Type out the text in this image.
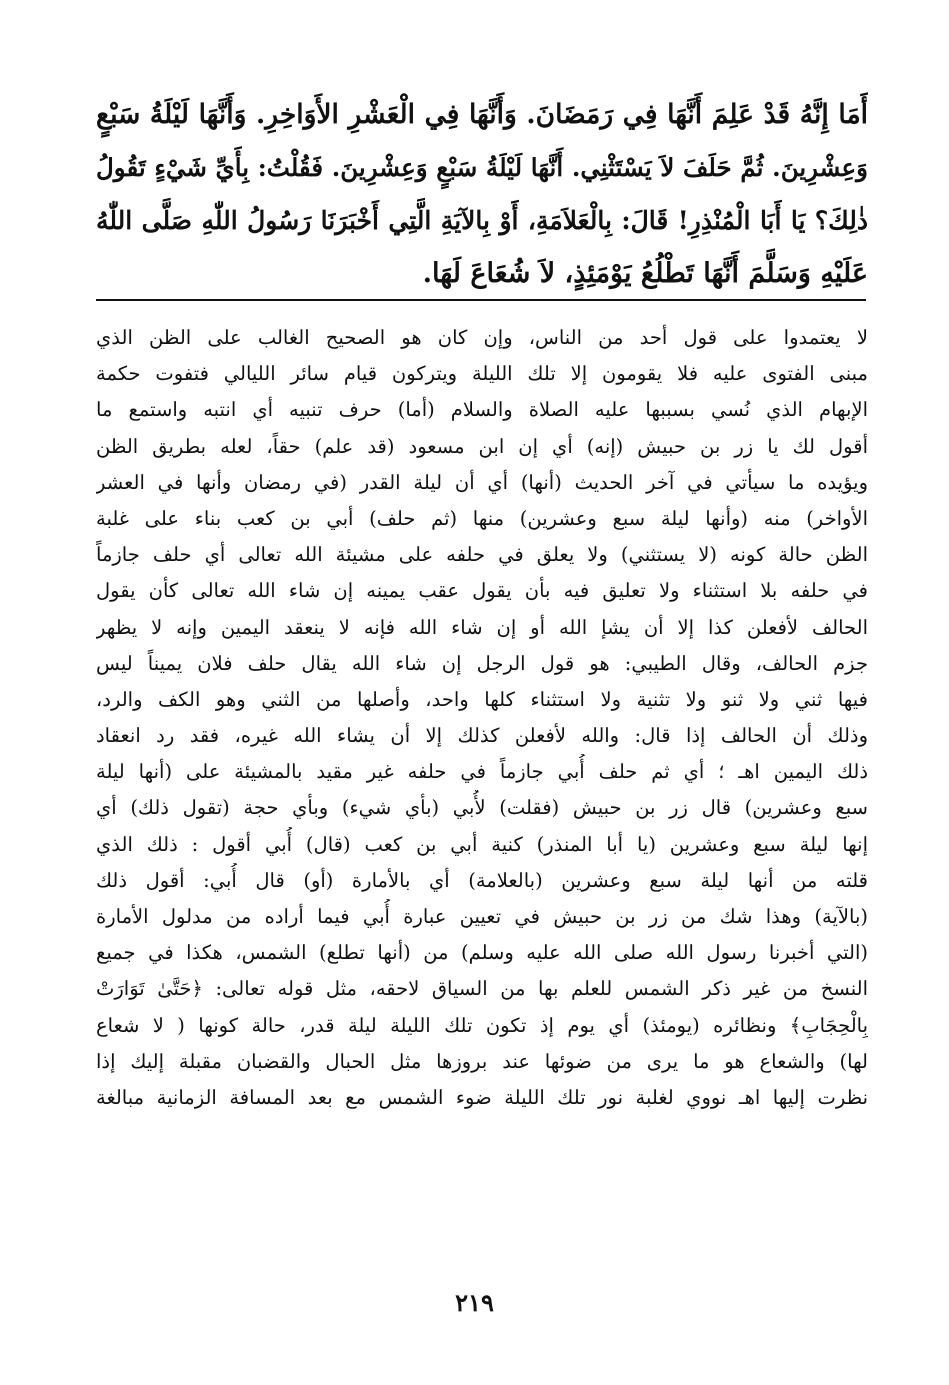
أَمَا إِنَّهُ قَدْ عَلِمَ أَنَّهَا فِي رَمَضَانَ. وَأَنَّهَا فِي الْعَشْرِ الأَوَاخِرِ. وَأَنَّهَا لَيْلَةُ سَبْعٍ
وَعِشْرِينَ. ثُمَّ حَلَفَ لاَ يَسْتَثْنِي. أَنَّهَا لَيْلَةُ سَبْعٍ وَعِشْرِينَ. فَقُلْتُ: بِأَيِّ شَيْءٍ تَقُولُ
ذٰلِكَ؟ يَا أَبَا الْمُنْذِرِ! قَالَ: بِالْعَلاَمَةِ، أَوْ بِالآيَةِ الَّتِي أَخْبَرَنَا رَسُولُ اللّٰهِ صَلَّى اللّٰهُ
عَلَيْهِ وَسَلَّمَ أَنَّهَا تَطْلُعُ يَوْمَئِذٍ، لاَ شُعَاعَ لَهَا.
لا يعتمدوا على قول أحد من الناس، وإن كان هو الصحيح الغالب على الظن الذي
مبنى الفتوى عليه فلا يقومون إلا تلك الليلة ويتركون قيام سائر الليالي فتفوت حكمة
الإبهام الذي نُسي بسببها عليه الصلاة والسلام (أما) حرف تنبيه أي انتبه واستمع ما
أقول لك يا زر بن حبيش (إنه) أي إن ابن مسعود (قد علم) حقاً، لعله بطريق الظن
ويؤيده ما سيأتي في آخر الحديث (أنها) أي أن ليلة القدر (في رمضان وأنها في العشر
الأواخر) منه (وأنها ليلة سبع وعشرين) منها (ثم حلف) أبي بن كعب بناء على غلبة
الظن حالة كونه (لا يستثني) ولا يعلق في حلفه على مشيئة الله تعالى أي حلف جازماً
في حلفه بلا استثناء ولا تعليق فيه بأن يقول عقب يمينه إن شاء الله تعالى كأن يقول
الحالف لأفعلن كذا إلا أن يشإ الله أو إن شاء الله فإنه لا ينعقد اليمين وإنه لا يظهر
جزم الحالف، وقال الطيبي: هو قول الرجل إن شاء الله يقال حلف فلان يميناً ليس
فيها ثني ولا ثنو ولا تثنية ولا استثناء كلها واحد، وأصلها من الثني وهو الكف والرد،
وذلك أن الحالف إذا قال: والله لأفعلن كذلك إلا أن يشاء الله غيره، فقد رد انعقاد
ذلك اليمين اهـ ؛ أي ثم حلف أُبي جازماً في حلفه غير مقيد بالمشيئة على (أنها ليلة
سبع وعشرين) قال زر بن حبيش (فقلت) لأُبي (بأي شيء) وبأي حجة (تقول ذلك) أي
إنها ليلة سبع وعشرين (يا أبا المنذر) كنية أبي بن كعب (قال) أُبي أقول : ذلك الذي
قلته من أنها ليلة سبع وعشرين (بالعلامة) أي بالأمارة (أو) قال أُبي: أقول ذلك
(بالآية) وهذا شك من زر بن حبيش في تعيين عبارة أُبي فيما أراده من مدلول الأمارة
(التي أخبرنا رسول الله صلى الله عليه وسلم) من (أنها تطلع) الشمس، هكذا في جميع
النسخ من غير ذكر الشمس للعلم بها من السياق لاحقه، مثل قوله تعالى: ﴿حَتَّىٰ تَوَارَتْ
بِالْحِجَابِ﴾ ونظائره (يومئذ) أي يوم إذ تكون تلك الليلة ليلة قدر، حالة كونها ( لا شعاع
لها) والشعاع هو ما يرى من ضوئها عند بروزها مثل الحبال والقضبان مقبلة إليك إذا
نظرت إليها اهـ نووي لغلبة نور تلك الليلة ضوء الشمس مع بعد المسافة الزمانية مبالغة
٢١٩
